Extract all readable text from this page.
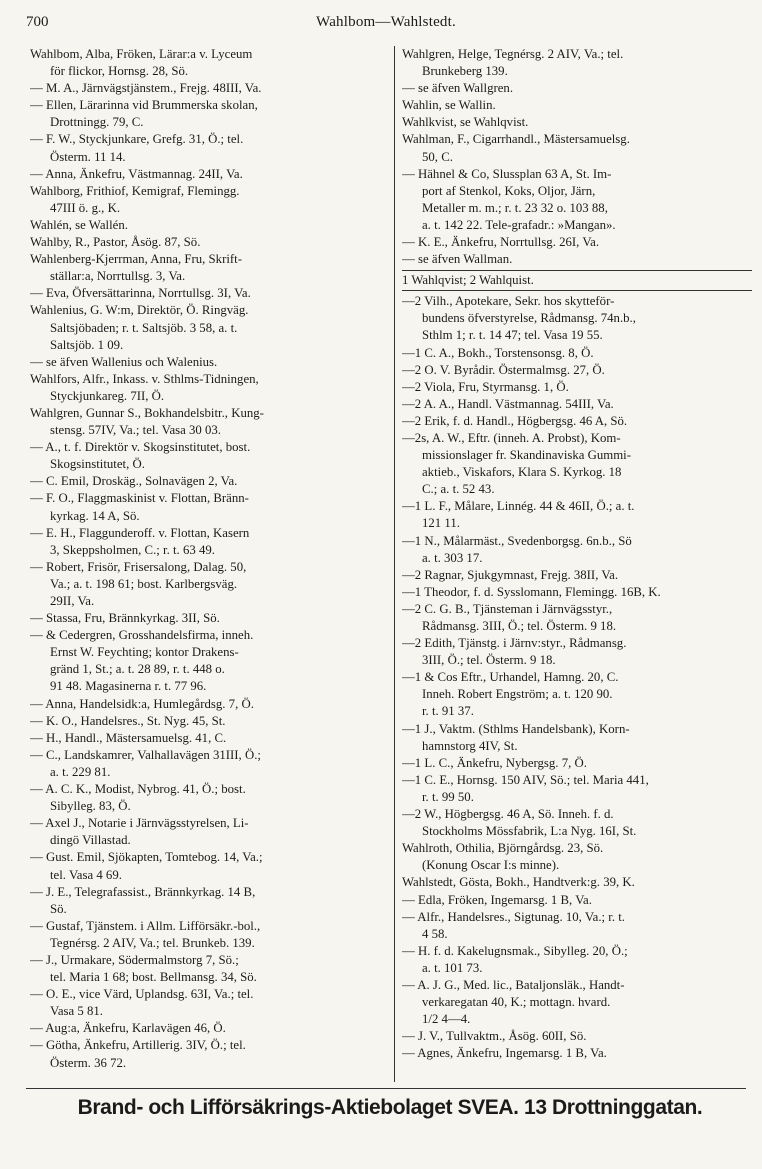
700	Wahlbom—Wahlstedt.
Wahlbom, Alba, Fröken, Lärar:a v. Lyceum
för flickor, Hornsg. 28, Sö.
— M. A., Järnvägstjänstem., Frejg. 48III, Va.
— Ellen, Lärarinna vid Brummerska skolan,
Drottningg. 79, C.
— F. W., Styckjunkare, Grefg. 31, Ö.; tel.
Österm. 11 14.
— Anna, Änkefru, Västmannag. 24II, Va.
Wahlborg, Frithiof, Kemigraf, Flemingg.
47III ö. g., K.
Wahlén, se Wallén.
Wahlby, R., Pastor, Åsög. 87, Sö.
Wahlenberg-Kjerrman, Anna, Fru, Skrift-
ställar:a, Norrtullsg. 3, Va.
— Eva, Öfversättarinna, Norrtullsg. 3I, Va.
Wahlenius, G. W:m, Direktör, Ö. Ringväg.
Saltsjöbaden; r. t. Saltsjöb. 3 58, a. t.
Saltsjöb. 1 09.
— se äfven Wallenius och Walenius.
Wahlfors, Alfr., Inkass. v. Sthlms-Tidningen,
Styckjunkareg. 7II, Ö.
Wahlgren, Gunnar S., Bokhandelsbitr., Kung-
stensg. 57IV, Va.; tel. Vasa 30 03.
— A., t. f. Direktör v. Skogsinstitutet, bost.
Skogsinstitutet, Ö.
— C. Emil, Droskäg., Solnavägen 2, Va.
— F. O., Flaggmaskinist v. Flottan, Bränn-
kyrkag. 14 A, Sö.
— E. H., Flaggunderoff. v. Flottan, Kasern
3, Skeppsholmen, C.; r. t. 63 49.
— Robert, Frisör, Frisersalong, Dalag. 50,
Va.; a. t. 198 61; bost. Karlbergsväg.
29II, Va.
— Stassa, Fru, Brännkyrkag. 3II, Sö.
— & Cedergren, Grosshandelsfirma, inneh.
Ernst W. Feychting; kontor Drakens-
gränd 1, St.; a. t. 28 89, r. t. 448 o.
91 48. Magasinerna r. t. 77 96.
— Anna, Handelsidk:a, Humlegårdsg. 7, Ö.
— K. O., Handelsres., St. Nyg. 45, St.
— H., Handl., Mästersamuelsg. 41, C.
— C., Landskamrer, Valhallavägen 31III, Ö.;
a. t. 229 81.
— A. C. K., Modist, Nybrog. 41, Ö.; bost.
Sibylleg. 83, Ö.
— Axel J., Notarie i Järnvägsstyrelsen, Li-
dingö Villastad.
— Gust. Emil, Sjökapten, Tomtebog. 14, Va.;
tel. Vasa 4 69.
— J. E., Telegrafassist., Brännkyrkag. 14 B,
Sö.
— Gustaf, Tjänstem. i Allm. Lifförsäkr.-bol.,
Tegnérsg. 2 AIV, Va.; tel. Brunkeb. 139.
— J., Urmakare, Södermalmstorg 7, Sö.;
tel. Maria 1 68; bost. Bellmansg. 34, Sö.
— O. E., vice Värd, Uplandsg. 63I, Va.; tel.
Vasa 5 81.
— Aug:a, Änkefru, Karlavägen 46, Ö.
— Götha, Änkefru, Artillerig. 3IV, Ö.; tel.
Österm. 36 72.
Wahlgren, Helge, Tegnérsg. 2 AIV, Va.; tel.
Brunkeberg 139.
— se äfven Wallgren.
Wahlin, se Wallin.
Wahlkvist, se Wahlqvist.
Wahlman, F., Cigarrhandl., Mästersamuelsg.
50, C.
— Hähnel & Co, Slussplan 63 A, St. Im-
port af Stenkol, Koks, Oljor, Järn,
Metaller m. m.; r. t. 23 32 o. 103 88,
a. t. 142 22. Tele-grafadr.: »Mangan».
— K. E., Änkefru, Norrtullsg. 26I, Va.
— se äfven Wallman.
1 Wahlqvist; 2 Wahlquist.
—2 Vilh., Apotekare, Sekr. hos skytteför-
bundens öfverstyrelse, Rådmansg. 74n.b.,
Sthlm 1; r. t. 14 47; tel. Vasa 19 55.
—1 C. A., Bokh., Torstensonsg. 8, Ö.
—2 O. V. Byrådir. Östermalmsg. 27, Ö.
—2 Viola, Fru, Styrmansg. 1, Ö.
—2 A. A., Handl. Västmannag. 54III, Va.
—2 Erik, f. d. Handl., Högbergsg. 46 A, Sö.
—2s, A. W., Eftr. (inneh. A. Probst), Kom-
missionslager fr. Skandinaviska Gummi-
aktieb., Viskafors, Klara S. Kyrkog. 18
C.; a. t. 52 43.
—1 L. F., Målare, Linnég. 44 & 46II, Ö.; a. t.
121 11.
—1 N., Målarmäst., Svedenborgsg. 6n.b., Sö
a. t. 303 17.
—2 Ragnar, Sjukgymnast, Frejg. 38II, Va.
—1 Theodor, f. d. Sysslomann, Flemingg. 16B, K.
—2 C. G. B., Tjänsteman i Järnvägsstyr.,
Rådmansg. 3III, Ö.; tel. Österm. 9 18.
—2 Edith, Tjänstg. i Järnv:styr., Rådmansg.
3III, Ö.; tel. Österm. 9 18.
—1 & Cos Eftr., Urhandel, Hamng. 20, C.
Inneh. Robert Engström; a. t. 120 90.
r. t. 91 37.
—1 J., Vaktm. (Sthlms Handelsbank), Korn-
hamnstorg 4IV, St.
—1 L. C., Änkefru, Nybergsg. 7, Ö.
—1 C. E., Hornsg. 150 AIV, Sö.; tel. Maria 441,
r. t. 99 50.
—2 W., Högbergsg. 46 A, Sö. Inneh. f. d.
Stockholms Mössfabrik, L:a Nyg. 16I, St.
Wahlroth, Othilia, Björngårdsg. 23, Sö.
(Konung Oscar I:s minne).
Wahlstedt, Gösta, Bokh., Handtverk:g. 39, K.
— Edla, Fröken, Ingemarsg. 1 B, Va.
— Alfr., Handelsres., Sigtunag. 10, Va.; r. t.
4 58.
— H. f. d. Kakelugnsmak., Sibylleg. 20, Ö.;
a. t. 101 73.
— A. J. G., Med. lic., Bataljonsläk., Handt-
verkaregatan 40, K.; mottagn. hvard.
1/2 4—4.
— J. V., Tullvaktm., Åsög. 60II, Sö.
— Agnes, Änkefru, Ingemarsg. 1 B, Va.
Brand- och Lifförsäkrings-Aktiebolaget SVEA. 13 Drottninggatan.
